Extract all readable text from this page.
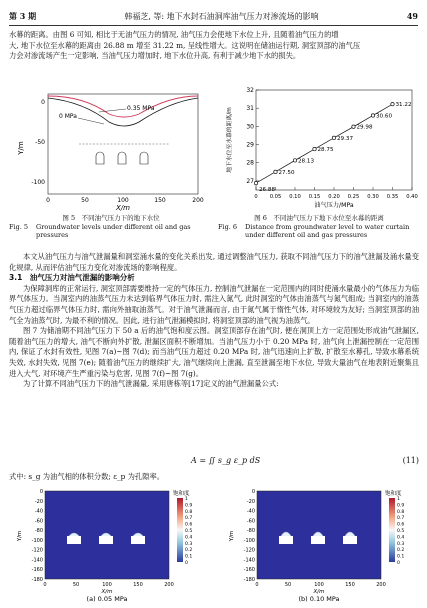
第 3 期	韩福芝, 等: 地下水封石油洞库油气压力对渗流场的影响	49

水幕的距离。由图 6 可知, 相比于无油气压力的情况, 油气压力会使地下水位上升, 且随着油气压力的增

大, 地下水位至水幕的距离由 26.88 m 增至 31.22 m, 呈线性增大。这说明在储油运行期, 洞室顶部的油气压

力会对渗流场产生一定影响, 当油气压力增加时, 地下水位升高, 有利于减少地下水的损失。

Y/m
0
-50
-100
0	50	100	150	200
X/m
0.35 MPa
0 MPa	地下水位至水幕的距离/m
油气压力/MPa
27
28
29
30
31
32
0 0.05 0.10 0.15 0.20 0.25 0.30 0.35 0.40
26.88
27.50
28.13
28.75
29.37
29.98
30.60
31.22
图 5　不同油气压力下的地下水位
Fig. 5 Groundwater levels under different oil and gas pressures
图 6　不同油气压力下地下水位至水幕的距离
Fig. 6 Distance from groundwater level to water curtain under different oil and gas pressures

本文从油气压力与油气泄漏量和洞室涌水量的变化关系出发, 通过调整油气压力, 获取不同油气压力下的油气泄漏及涌水量变化规律, 从而评估油气压力变化对渗流场的影响程度。

3.1　油气压力对油气泄漏的影响分析

为保障洞库的正常运行, 洞室顶部需要维持一定的气体压力, 控制油气泄漏在一定范围内的同时使涌水量最小的气体压力为临界气体压力。当洞室内的油蒸气压力未达到临界气体压力时, 需注入氮气, 此时洞室的气体由油蒸气与氮气组成; 当洞室内的油蒸气压力超过临界气体压力时, 需向外抽取油蒸气。对于油气泄漏而言, 由于氮气属于惰性气体, 对环境较为友好; 当洞室顶部的油气全为油蒸气时, 为最不利的情况。因此, 进行油气泄漏模拟时, 将洞室顶部的油气视为油蒸气。

图 7 为储油期不同油气压力下 50 a 后的油气饱和度云图。洞室顶部存在油气时, 便在洞顶上方一定范围处形成油气泄漏区, 随着油气压力的增大, 油气不断向外扩散, 泄漏区面积不断增加。当油气压力小于 0.20 MPa 时, 油气向上泄漏控制在一定范围内, 保证了水封有效性, 见图 7(a)~图 7(d); 而当油气压力超过 0.20 MPa 时, 油气迅速向上扩散, 扩散至水幕孔, 导致水幕系统失效, 水封失效, 见图 7(e); 随着油气压力的继续扩大, 油气继续向上泄漏, 直至泄漏至地下水位, 导致大量油气在地表附近聚集且进入大气, 对环境产生严重污染与危害, 见图 7(f)~图 7(g)。

为了计算不同油气压力下的油气泄漏量, 采用唐栋等[17]定义的油气泄漏量公式:

A = ∬ s_g ε_p dS	(11)

式中: s_g 为油气相的体积分数; ε_p 为孔隙率。

饱和度	饱和度
0
-20
-40
-60
-80
-100
-120
-140
-160
-180
0	50	100	150	200
X/m
Y/m
1
0.9
0.8
0.7
0.6
0.5
0.4
0.3
0.2
0.1
0
0
-20
-40
-60
-80
-100
-120
-140
-160
-180
0	50	100	150	200
X/m
Y/m
1
0.9
0.8
0.7
0.6
0.5
0.4
0.3
0.2
0.1
0
(a) 0.05 MPa	(b) 0.10 MPa
